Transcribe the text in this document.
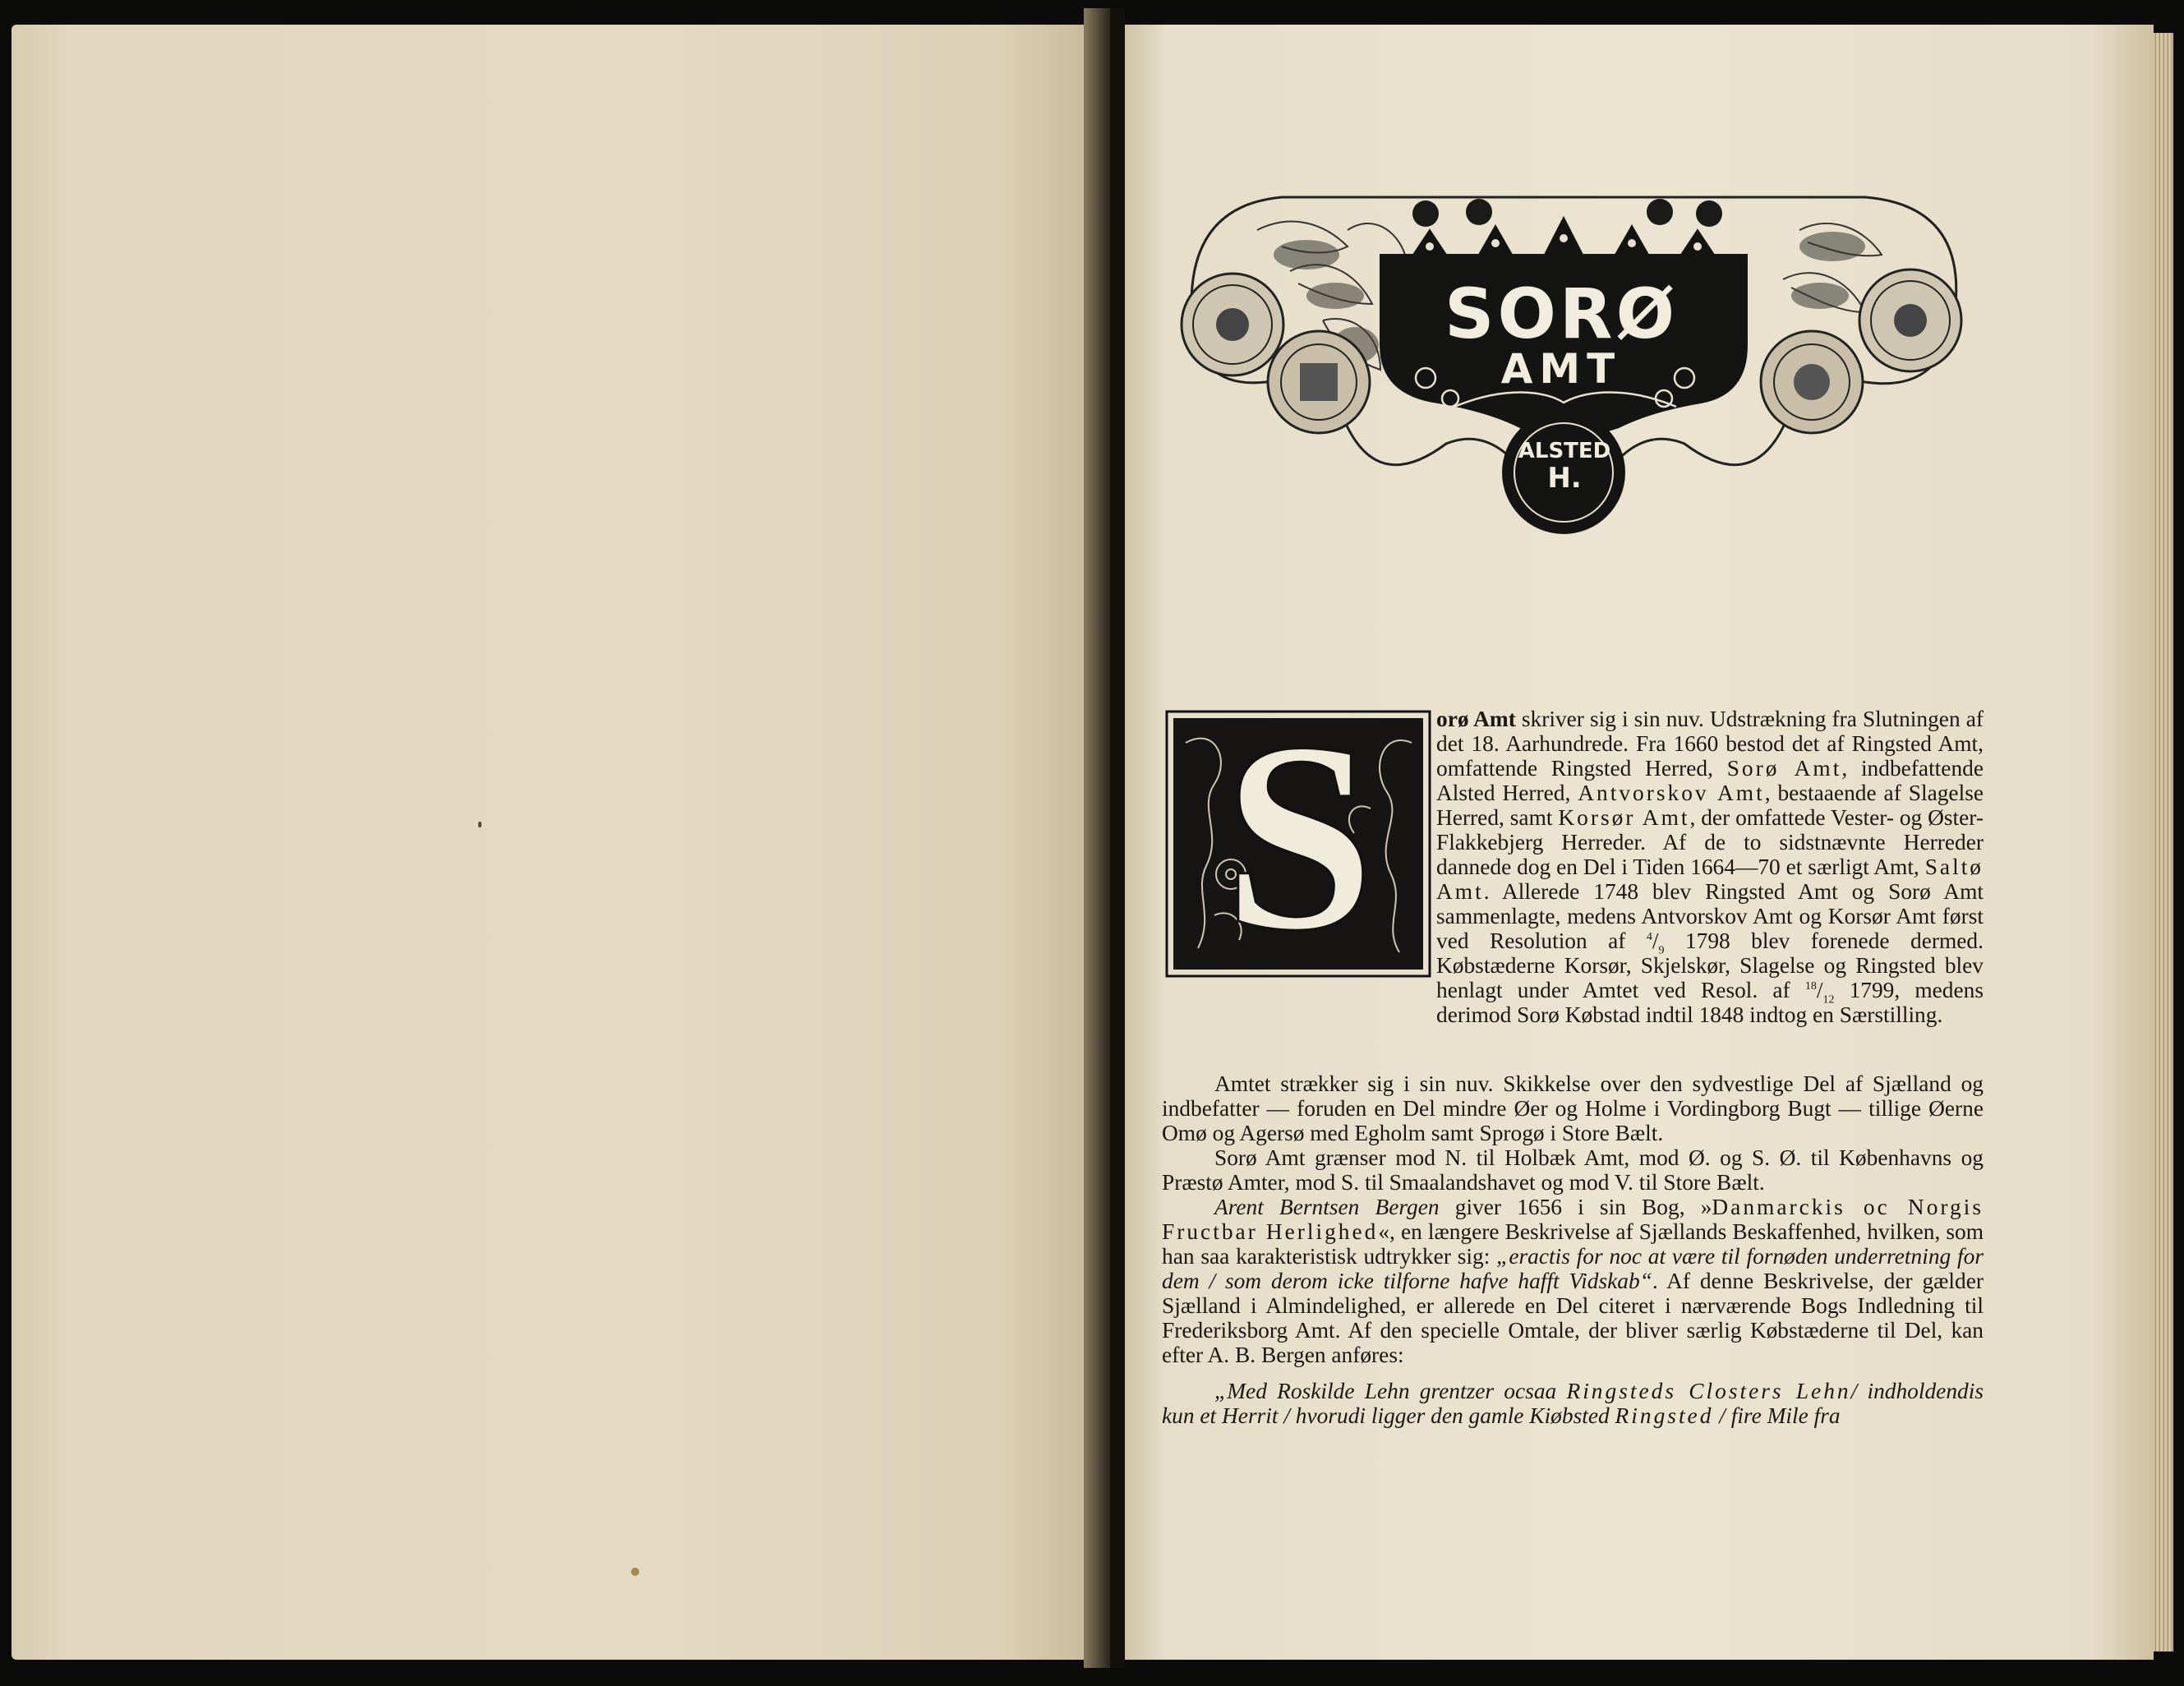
SORØ
AMT
ALSTED
H.
S	orø Amt skriver sig i sin nuv. Udstrækning fra Slutningen af det 18. Aarhundrede. Fra 1660 bestod det af Ringsted Amt, omfattende Ringsted Herred, Sorø Amt, indbefattende Alsted Herred, Antvorskov Amt, bestaaende af Slagelse Herred, samt Korsør Amt, der omfattede Vester- og Øster-Flakkebjerg Herreder. Af de to sidstnævnte Herreder dannede dog en Del i Tiden 1664—70 et særligt Amt, Saltø Amt. Allerede 1748 blev Ringsted Amt og Sorø Amt sammenlagte, medens Antvorskov Amt og Korsør Amt først ved Resolution af $^4/_9$ 1798 blev forenede dermed. Købstæderne Korsør, Skjelskør, Slagelse og Ringsted blev henlagt under Amtet ved Resol. af $^{18}/_{12}$ 1799, medens derimod Sorø Købstad indtil 1848 indtog en Særstilling.

Amtet strækker sig i sin nuv. Skikkelse over den sydvestlige Del af Sjælland og indbefatter — foruden en Del mindre Øer og Holme i Vordingborg Bugt — tillige Øerne Omø og Agersø med Egholm samt Sprogø i Store Bælt.

Sorø Amt grænser mod N. til Holbæk Amt, mod Ø. og S. Ø. til Københavns og Præstø Amter, mod S. til Smaalandshavet og mod V. til Store Bælt.

Arent Berntsen Bergen giver 1656 i sin Bog, »Danmarckis oc Norgis Fructbar Herlighed«, en længere Beskrivelse af Sjællands Beskaffenhed, hvilken, som han saa karakteristisk udtrykker sig: „eractis for noc at være til fornøden underretning for dem / som derom icke tilforne hafve hafft Vidskab“. Af denne Beskrivelse, der gælder Sjælland i Almindelighed, er allerede en Del citeret i nærværende Bogs Indledning til Frederiksborg Amt. Af den specielle Omtale, der bliver særlig Købstæderne til Del, kan efter A. B. Bergen anføres:

„Med Roskilde Lehn grentzer ocsaa Ringsteds Closters Lehn/ indholdendis kun et Herrit / hvorudi ligger den gamle Kiøbsted Ringsted / fire Mile fra
